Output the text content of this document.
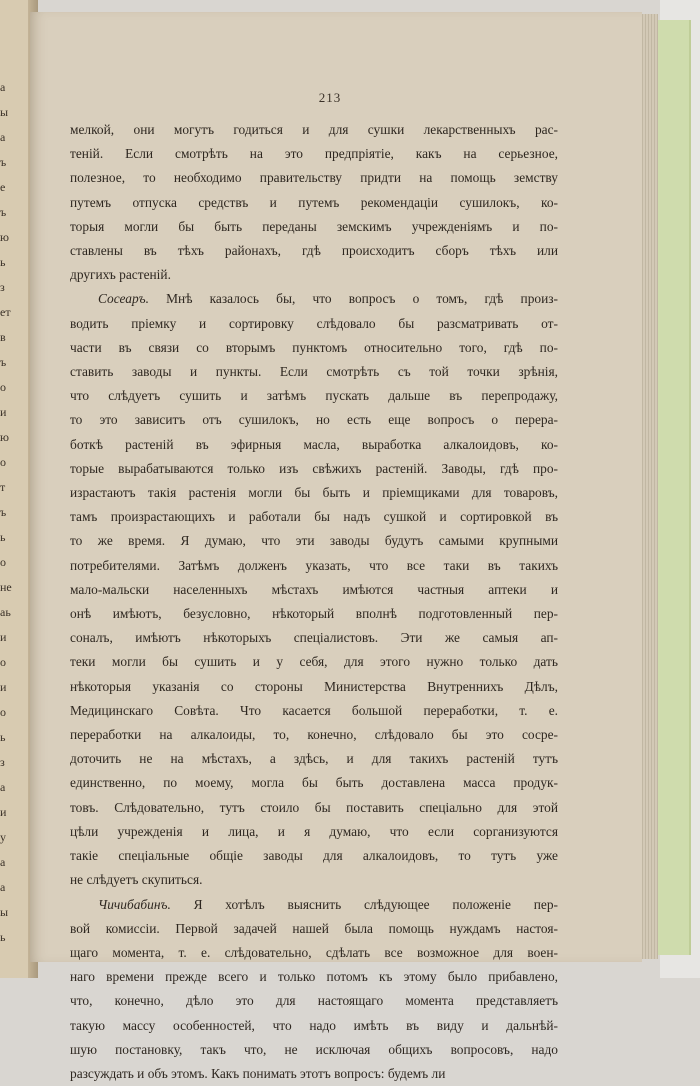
а
ы
а
ъ
е
ъ
ю
ь
з
ет
в
ъ
о
и
ю
о
т
ъ
ь
о
не
аь
и
о
и
о
ь
з
а
и
у
а
а
ы
ь
213
мелкой, они могутъ годиться и для сушки лекарственныхъ рас-
теній. Если смотрѣть на это предпріятіе, какъ на серьезное,
полезное, то необходимо правительству придти на помощь земству
путемъ отпуска средствъ и путемъ рекомендаціи сушилокъ, ко-
торыя могли бы быть переданы земскимъ учрежденіямъ и по-
ставлены въ тѣхъ районахъ, гдѣ происходитъ сборъ тѣхъ или
другихъ растеній.
Сосеаръ. Мнѣ казалось бы, что вопросъ о томъ, гдѣ произ-
водить пріемку и сортировку слѣдовало бы разсматривать от-
части въ связи со вторымъ пунктомъ относительно того, гдѣ по-
ставить заводы и пункты. Если смотрѣть съ той точки зрѣнія,
что слѣдуетъ сушить и затѣмъ пускать дальше въ перепродажу,
то это зависитъ отъ сушилокъ, но есть еще вопросъ о перера-
боткѣ растеній въ эфирныя масла, выработка алкалоидовъ, ко-
торые вырабатываются только изъ свѣжихъ растеній. Заводы, гдѣ про-
израстаютъ такія растенія могли бы быть и пріемщиками для товаровъ,
тамъ произрастающихъ и работали бы надъ сушкой и сортировкой въ
то же время. Я думаю, что эти заводы будутъ самыми крупными
потребителями. Затѣмъ долженъ указать, что все таки въ такихъ
мало-мальски населенныхъ мѣстахъ имѣются частныя аптеки и
онѣ имѣютъ, безусловно, нѣкоторый вполнѣ подготовленный пер-
соналъ, имѣютъ нѣкоторыхъ спеціалистовъ. Эти же самыя ап-
теки могли бы сушить и у себя, для этого нужно только дать
нѣкоторыя указанія со стороны Министерства Внутреннихъ Дѣлъ,
Медицинскаго Совѣта. Что касается большой переработки, т. е.
переработки на алкалоиды, то, конечно, слѣдовало бы это сосре-
доточить не на мѣстахъ, а здѣсь, и для такихъ растеній тутъ
единственно, по моему, могла бы быть доставлена масса продук-
товъ. Слѣдовательно, тутъ стоило бы поставить спеціально для этой
цѣли учрежденія и лица, и я думаю, что если сорганизуются
такіе спеціальные общіе заводы для алкалоидовъ, то тутъ уже
не слѣдуетъ скупиться.
Чичибабинъ. Я хотѣлъ выяснить слѣдующее положеніе пер-
вой комиссіи. Первой задачей нашей была помощь нуждамъ настоя-
щаго момента, т. е. слѣдовательно, сдѣлать все возможное для воен-
наго времени прежде всего и только потомъ къ этому было прибавлено,
что, конечно, дѣло это для настоящаго момента представляетъ
такую массу особенностей, что надо имѣть въ виду и дальнѣй-
шую постановку, такъ что, не исключая общихъ вопросовъ, надо
разсуждать и объ этомъ. Какъ понимать этотъ вопросъ: будемъ ли
